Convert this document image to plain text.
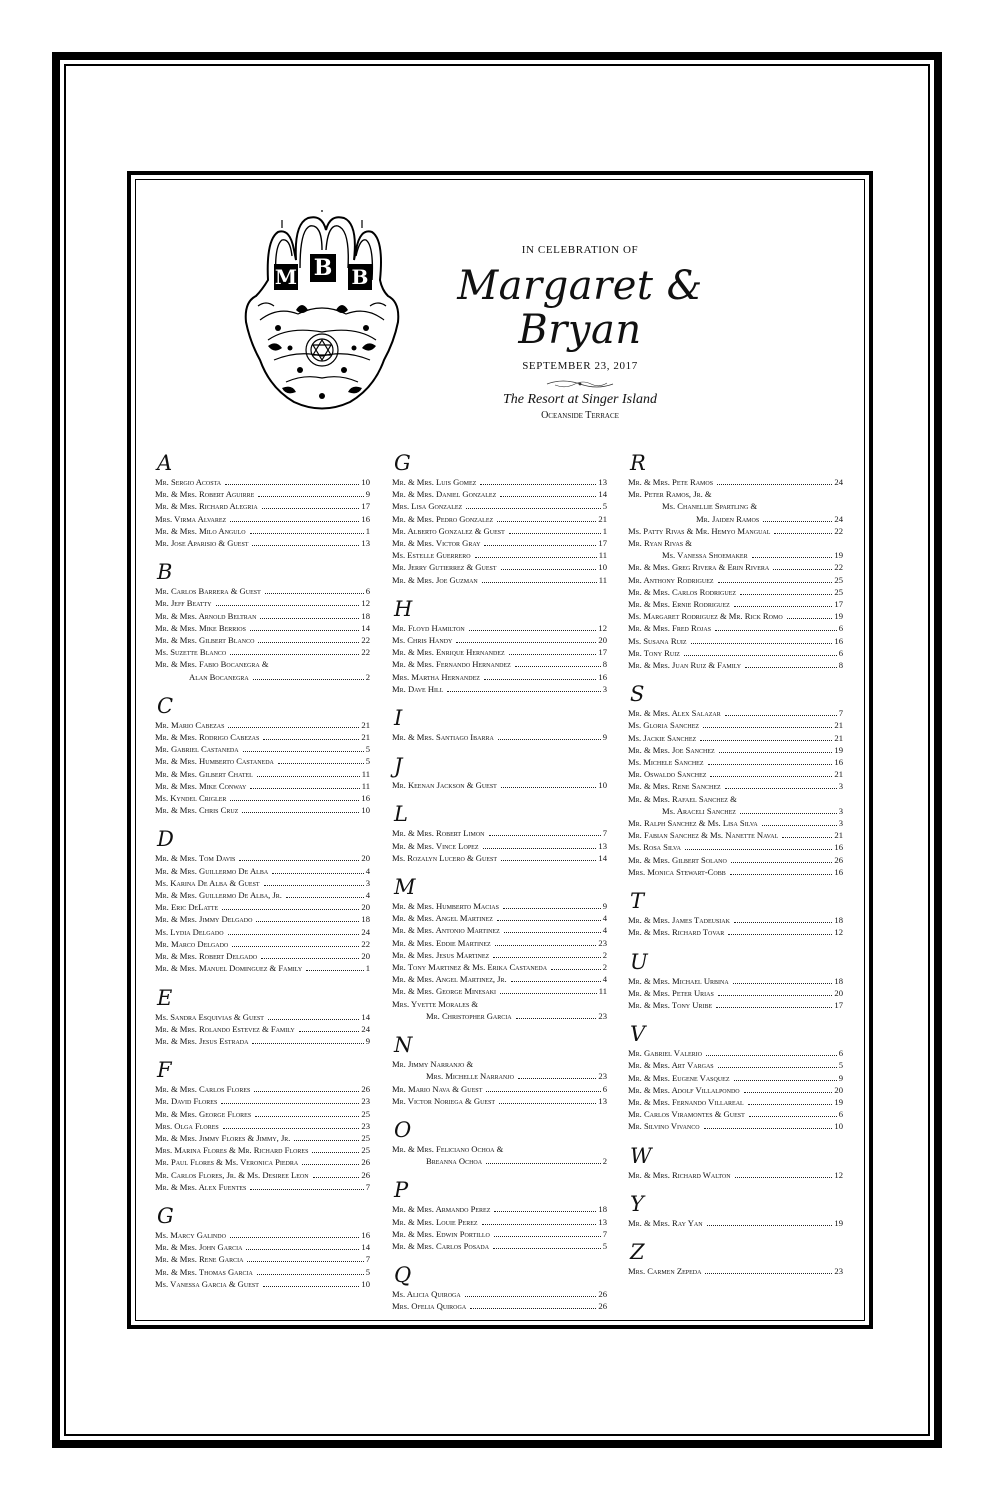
M B B
IN CELEBRATION OF
Margaret & Bryan
SEPTEMBER 23, 2017
The Resort at Singer Island
Oceanside Terrace
A
Mr. Sergio Acosta	10
Mr. & Mrs. Robert Aguirre	9
Mr. & Mrs. Richard Alegria	17
Mrs. Virma Alvarez	16
Mr. & Mrs. Milo Angulo	1
Mr. Jose Aparisio & Guest	13
B
Mr. Carlos Barrera & Guest	6
Mr. Jeff Beatty	12
Mr. & Mrs. Arnold Beltran	18
Mr. & Mrs. Mike Berrios	14
Mr. & Mrs. Gilbert Blanco	22
Ms. Suzette Blanco	22
Mr. & Mrs. Fabio Bocanegra &
Alan Bocanegra	2
C
Mr. Mario Cabezas	21
Mr. & Mrs. Rodrigo Cabezas	21
Mr. Gabriel Castaneda	5
Mr. & Mrs. Humberto Castaneda	5
Mr. & Mrs. Gilbert Chatel	11
Mr. & Mrs. Mike Conway	11
Ms. Kyndel Crigler	16
Mr. & Mrs. Chris Cruz	10
D
Mr. & Mrs. Tom Davis	20
Mr. & Mrs. Guillermo De Alba	4
Ms. Karina De Alba & Guest	3
Mr. & Mrs. Guillermo De Alba, Jr.	4
Mr. Eric DeLatte	20
Mr. & Mrs. Jimmy Delgado	18
Ms. Lydia Delgado	24
Mr. Marco Delgado	22
Mr. & Mrs. Robert Delgado	20
Mr. & Mrs. Manuel Dominguez & Family	1
E
Ms. Sandra Esquivias & Guest	14
Mr. & Mrs. Rolando Estevez & Family	24
Mr. & Mrs. Jesus Estrada	9
F
Mr. & Mrs. Carlos Flores	26
Mr. David Flores	23
Mr. & Mrs. George Flores	25
Mrs. Olga Flores	23
Mr. & Mrs. Jimmy Flores & Jimmy, Jr.	25
Mrs. Marina Flores & Mr. Richard Flores	25
Mr. Paul Flores & Ms. Veronica Piedra	26
Mr. Carlos Flores, Jr. & Ms. Desiree Leon	26
Mr. & Mrs. Alex Fuentes	7
G
Ms. Marcy Galindo	16
Mr. & Mrs. John Garcia	14
Mr. & Mrs. Rene Garcia	7
Mr. & Mrs. Thomas Garcia	5
Ms. Vanessa Garcia & Guest	10
G
Mr. & Mrs. Luis Gomez	13
Mr. & Mrs. Daniel Gonzalez	14
Mrs. Lisa Gonzalez	5
Mr. & Mrs. Pedro Gonzalez	21
Mr. Alberto Gonzalez & Guest	1
Mr. & Mrs. Victor Gray	17
Ms. Estelle Guerrero	11
Mr. Jerry Gutierrez & Guest	10
Mr. & Mrs. Joe Guzman	11
H
Mr. Floyd Hamilton	12
Ms. Chris Handy	20
Mr. & Mrs. Enrique Hernandez	17
Mr. & Mrs. Fernando Hernandez	8
Mrs. Martha Hernandez	16
Mr. Dave Hill	3
I
Mr. & Mrs. Santiago Ibarra	9
J
Mr. Keenan Jackson & Guest	10
L
Mr. & Mrs. Robert Limon	7
Mr. & Mrs. Vince Lopez	13
Ms. Rozalyn Lucero & Guest	14
M
Mr. & Mrs. Humberto Macias	9
Mr. & Mrs. Angel Martinez	4
Mr. & Mrs. Antonio Martinez	4
Mr. & Mrs. Eddie Martinez	23
Mr. & Mrs. Jesus Martinez	2
Mr. Tony Martinez & Ms. Erika Castaneda	2
Mr. & Mrs. Angel Martinez, Jr.	4
Mr. & Mrs. George Minesaki	11
Mrs. Yvette Morales &
Mr. Christopher Garcia	23
N
Mr. Jimmy Narranjo &
Mrs. Michelle Narranjo	23
Mr. Mario Nava & Guest	6
Mr. Victor Noriega & Guest	13
O
Mr. & Mrs. Feliciano Ochoa &
Breanna Ochoa	2
P
Mr. & Mrs. Armando Perez	18
Mr. & Mrs. Louie Perez	13
Mr. & Mrs. Edwin Portillo	7
Mr. & Mrs. Carlos Posada	5
Q
Ms. Alicia Quiroga	26
Mrs. Ofelia Quiroga	26
R
Mr. & Mrs. Pete Ramos	24
Mr. Peter Ramos, Jr. &
Ms. Chanellie Spartling &
Mr. Jaiden Ramos	24
Ms. Patty Rivas & Mr. Hemyo Mangual	22
Mr. Ryan Rivas &
Ms. Vanessa Shoemaker	19
Mr. & Mrs. Greg Rivera & Erin Rivera	22
Mr. Anthony Rodriguez	25
Mr. & Mrs. Carlos Rodriguez	25
Mr. & Mrs. Ernie Rodriguez	17
Ms. Margaret Rodriguez & Mr. Rick Romo	19
Mr. & Mrs. Fred Rojas	6
Ms. Susana Ruiz	16
Mr. Tony Ruiz	6
Mr. & Mrs. Juan Ruiz & Family	8
S
Mr. & Mrs. Alex Salazar	7
Ms. Gloria Sanchez	21
Ms. Jackie Sanchez	21
Mr. & Mrs. Joe Sanchez	19
Ms. Michele Sanchez	16
Mr. Oswaldo Sanchez	21
Mr. & Mrs. Rene Sanchez	3
Mr. & Mrs. Rafael Sanchez &
Ms. Araceli Sanchez	3
Mr. Ralph Sanchez & Ms. Lisa Silva	3
Mr. Fabian Sanchez & Ms. Nanette Naval	21
Ms. Rosa Silva	16
Mr. & Mrs. Gilbert Solano	26
Mrs. Monica Stewart-Cobb	16
T
Mr. & Mrs. James Tadeusiak	18
Mr. & Mrs. Richard Tovar	12
U
Mr. & Mrs. Michael Urbina	18
Mr. & Mrs. Peter Urias	20
Mr. & Mrs. Tony Uribe	17
V
Mr. Gabriel Valerio	6
Mr. & Mrs. Art Vargas	5
Mr. & Mrs. Eugene Vasquez	9
Mr. & Mrs. Adolf Villalpondo	20
Mr. & Mrs. Fernando Villareal	19
Mr. Carlos Viramontes & Guest	6
Mr. Silvino Vivanco	10
W
Mr. & Mrs. Richard Walton	12
Y
Mr. & Mrs. Ray Yan	19
Z
Mrs. Carmen Zepeda	23
